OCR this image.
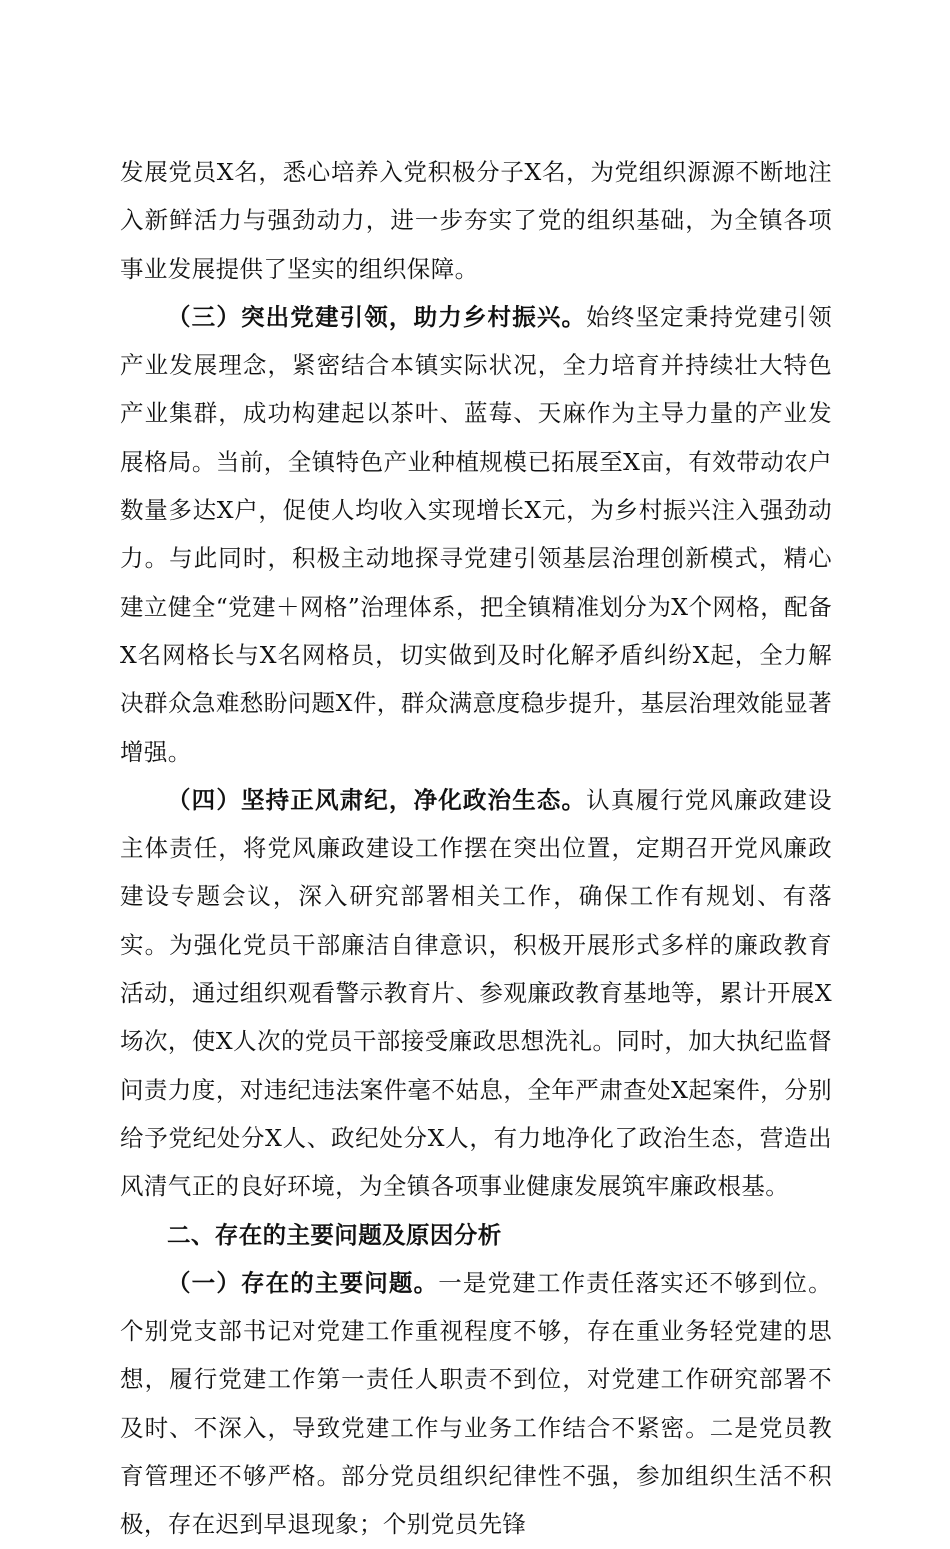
发展党员X名，悉心培养入党积极分子X名，为党组织源源不断地注入新鲜活力与强劲动力，进一步夯实了党的组织基础，为全镇各项事业发展提供了坚实的组织保障。

（三）突出党建引领，助力乡村振兴。始终坚定秉持党建引领产业发展理念，紧密结合本镇实际状况，全力培育并持续壮大特色产业集群，成功构建起以茶叶、蓝莓、天麻作为主导力量的产业发展格局。当前，全镇特色产业种植规模已拓展至X亩，有效带动农户数量多达X户，促使人均收入实现增长X元，为乡村振兴注入强劲动力。与此同时，积极主动地探寻党建引领基层治理创新模式，精心建立健全“党建＋网格”治理体系，把全镇精准划分为X个网格，配备X名网格长与X名网格员，切实做到及时化解矛盾纠纷X起，全力解决群众急难愁盼问题X件，群众满意度稳步提升，基层治理效能显著增强。

（四）坚持正风肃纪，净化政治生态。认真履行党风廉政建设主体责任，将党风廉政建设工作摆在突出位置，定期召开党风廉政建设专题会议，深入研究部署相关工作，确保工作有规划、有落实。为强化党员干部廉洁自律意识，积极开展形式多样的廉政教育活动，通过组织观看警示教育片、参观廉政教育基地等，累计开展X场次，使X人次的党员干部接受廉政思想洗礼。同时，加大执纪监督问责力度，对违纪违法案件毫不姑息，全年严肃查处X起案件，分别给予党纪处分X人、政纪处分X人，有力地净化了政治生态，营造出风清气正的良好环境，为全镇各项事业健康发展筑牢廉政根基。

二、存在的主要问题及原因分析

（一）存在的主要问题。一是党建工作责任落实还不够到位。个别党支部书记对党建工作重视程度不够，存在重业务轻党建的思想，履行党建工作第一责任人职责不到位，对党建工作研究部署不及时、不深入，导致党建工作与业务工作结合不紧密。二是党员教育管理还不够严格。部分党员组织纪律性不强，参加组织生活不积极，存在迟到早退现象；个别党员先锋
